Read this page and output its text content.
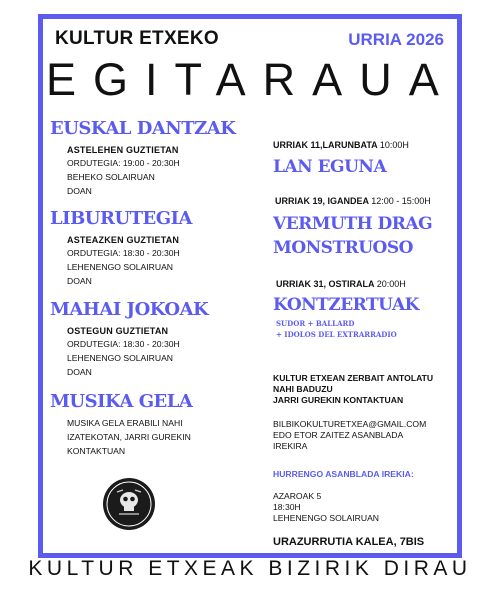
KULTUR ETXEKO	URRIA 2026
EGITARAUA
EUSKAL DANTZAK
ASTELEHEN GUZTIETAN
ORDUTEGIA: 19:00 - 20:30H
BEHEKO SOLAIRUAN
DOAN
LIBURUTEGIA
ASTEAZKEN GUZTIETAN
ORDUTEGIA: 18:30 - 20:30H
LEHENENGO SOLAIRUAN
DOAN
MAHAI JOKOAK
OSTEGUN GUZTIETAN
ORDUTEGIA: 18:30 - 20:30H
LEHENENGO SOLAIRUAN
DOAN
MUSIKA GELA
MUSIKA GELA ERABILI NAHI
IZATEKOTAN, JARRI GUREKIN
KONTAKTUAN
URRIAK 11,LARUNBATA 10:00H
LAN EGUNA
URRIAK 19, IGANDEA 12:00 - 15:00H
VERMUTH DRAG
MONSTRUOSO
URRIAK 31, OSTIRALA 20:00H
KONTZERTUAK
SUDOR + BALLARD
+ IDOLOS DEL EXTRARRADIO
KULTUR ETXEAN ZERBAIT ANTOLATU
NAHI BADUZU
JARRI GUREKIN KONTAKTUAN
BILBIKOKULTURETXEA@GMAIL.COM
EDO ETOR ZAITEZ ASANBLADA
IREKIRA
HURRENGO ASANBLADA IREKIA:
AZAROAK 5
18:30H
LEHENENGO SOLAIRUAN
URAZURRUTIA KALEA, 7BIS
KULTUR ETXEAK BIZIRIK DIRAU
